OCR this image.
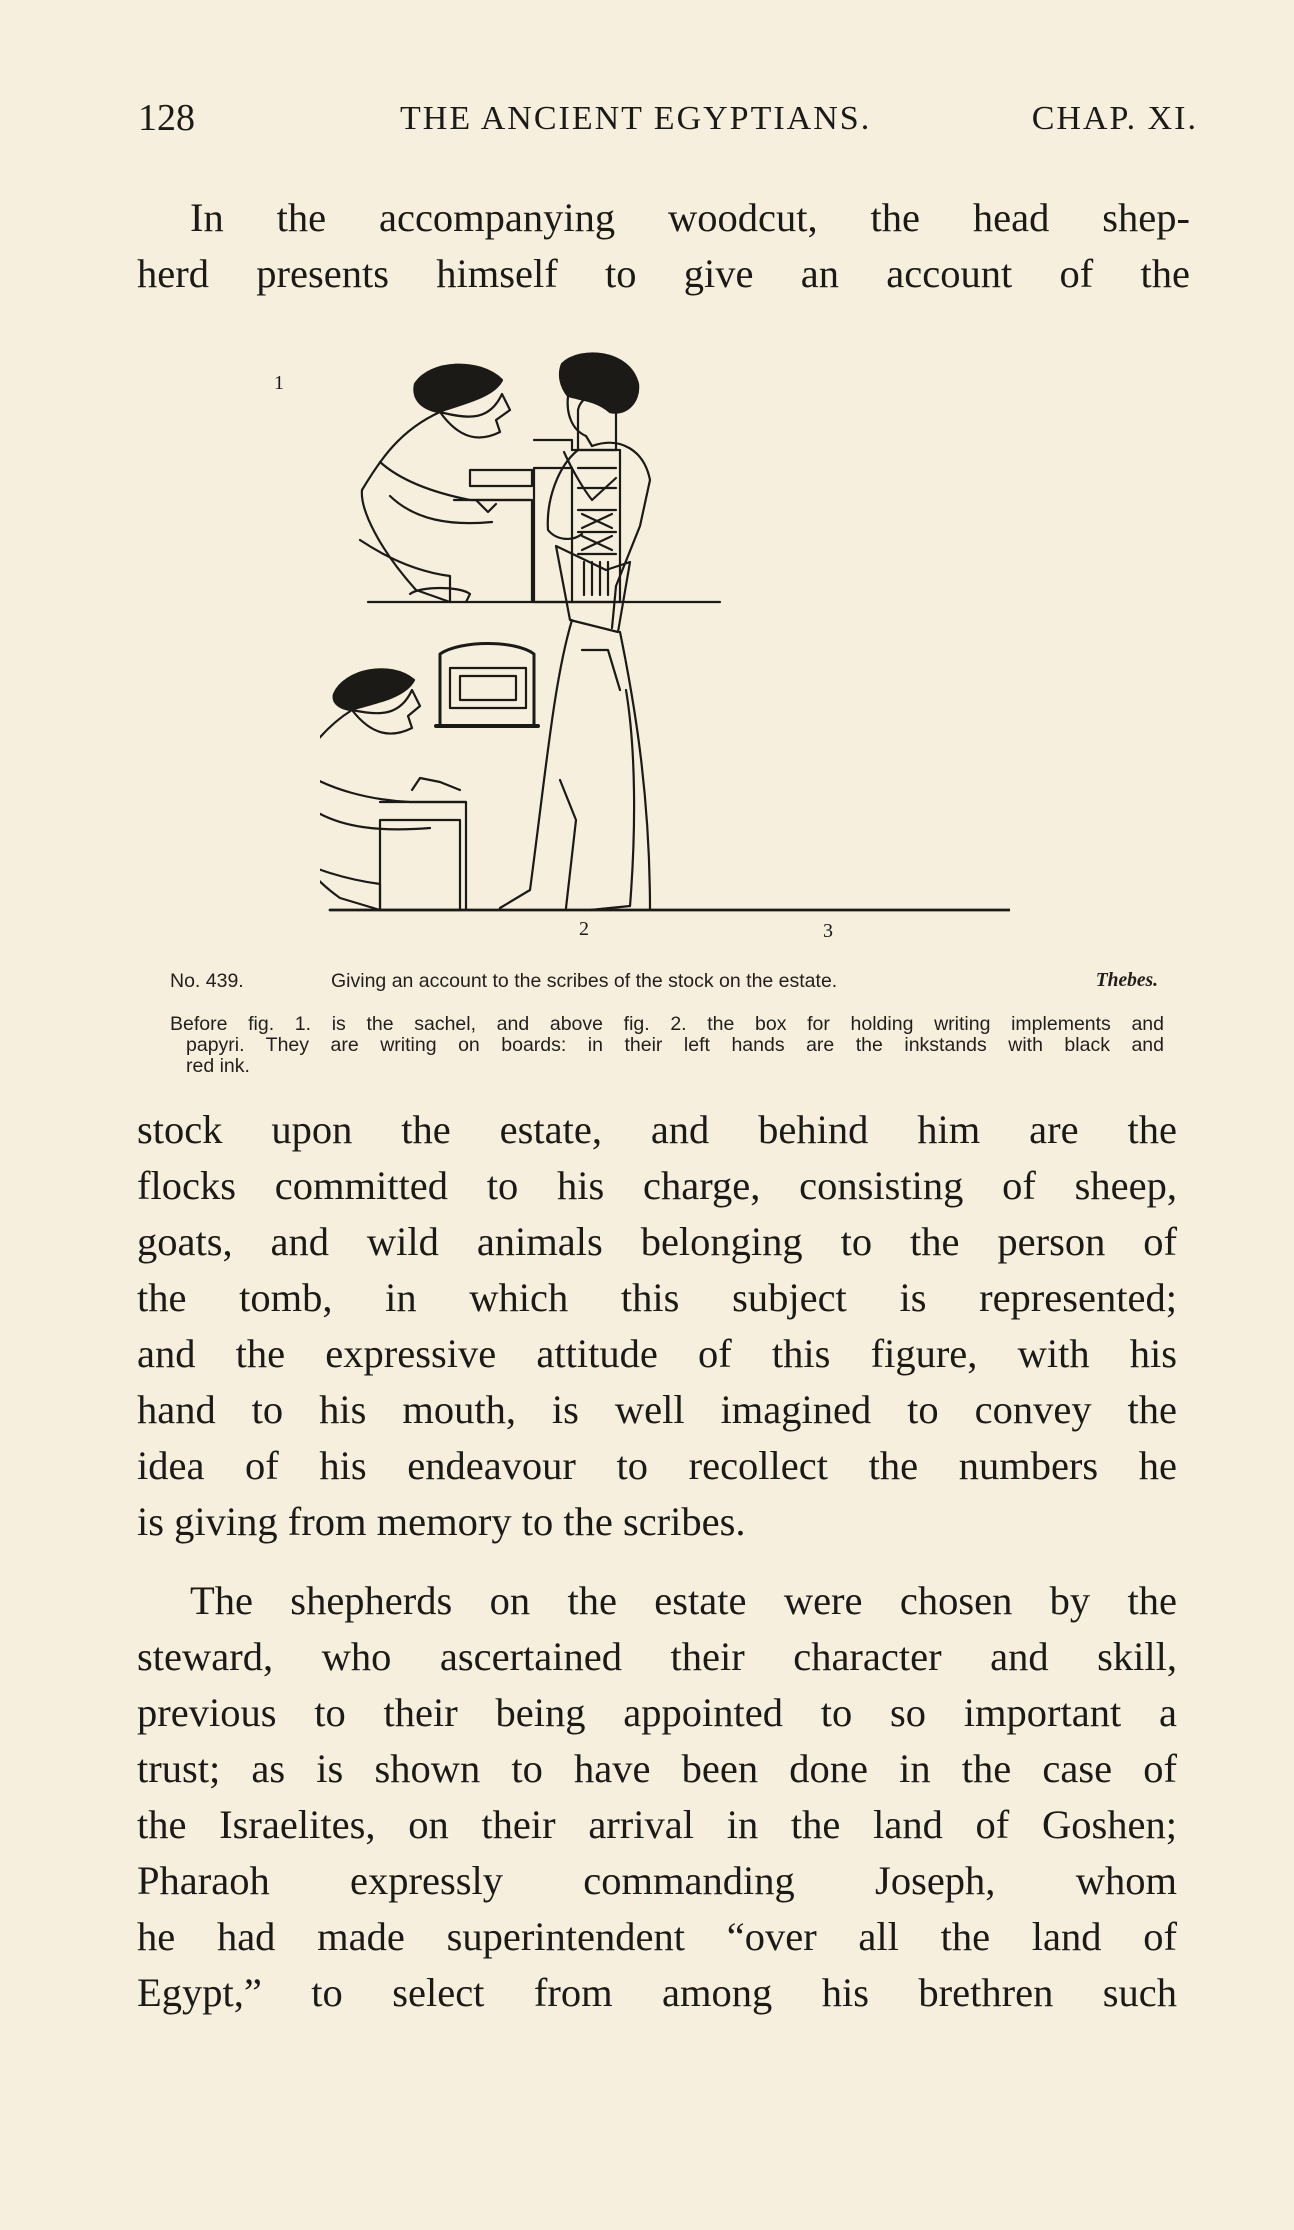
128	THE ANCIENT EGYPTIANS.	CHAP. XI.
In the accompanying woodcut, the head shep-
herd presents himself to give an account of the
1
2	3
No. 439.	Giving an account to the scribes of the stock on the estate.	Thebes.
Before fig. 1. is the sachel, and above fig. 2. the box for holding writing implements and
papyri. They are writing on boards: in their left hands are the inkstands with black and
red ink.
stock upon the estate, and behind him are the
flocks committed to his charge, consisting of sheep,
goats, and wild animals belonging to the person of
the tomb, in which this subject is represented;
and the expressive attitude of this figure, with his
hand to his mouth, is well imagined to convey the
idea of his endeavour to recollect the numbers he
is giving from memory to the scribes.
The shepherds on the estate were chosen by the
steward, who ascertained their character and skill,
previous to their being appointed to so important a
trust; as is shown to have been done in the case of
the Israelites, on their arrival in the land of Goshen;
Pharaoh expressly commanding Joseph, whom
he had made superintendent “over all the land of
Egypt,” to select from among his brethren such
